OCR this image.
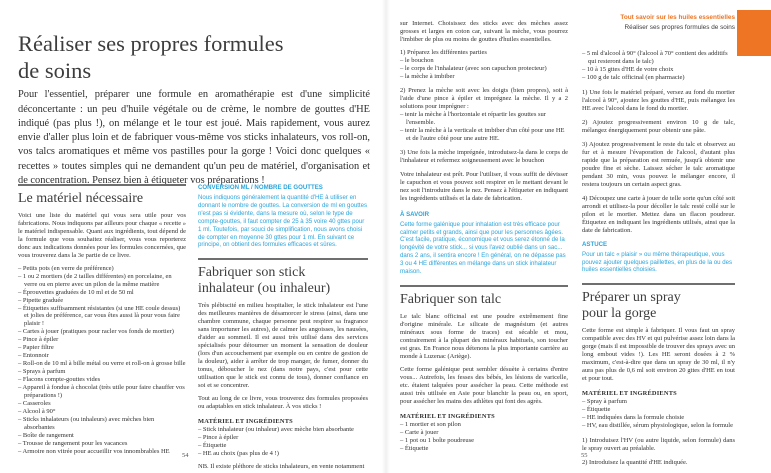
Réaliser ses propres formules
de soins

Pour l'essentiel, préparer une formule en aromathérapie est d'une simplicité déconcertante : un peu d'huile végétale ou de crème, le nombre de gouttes d'HE indiqué (pas plus !), on mélange et le tour est joué. Mais rapidement, vous aurez envie d'aller plus loin et de fabriquer vous-même vos sticks inhalateurs, vos roll-on, vos talcs aromatiques et même vos pastilles pour la gorge ! Voici donc quelques « recettes » toutes simples qui ne demandent qu'un peu de matériel, d'organisation et de concentration. Pensez bien à étiqueter vos préparations !

Le matériel nécessaire

Voici une liste du matériel qui vous sera utile pour vos fabrications. Nous indiquons par ailleurs pour chaque « recette » le matériel indispensable. Quant aux ingrédients, tout dépend de la formule que vous souhaitez réaliser, vous vous reporterez donc aux indications données pour les formules concernées, que vous trouverez dans la 3e partie de ce livre.

– Petits pots (en verre de préférence)
– 1 ou 2 mortiers (de 2 tailles différentes) en porcelaine, en verre ou en pierre avec un pilon de la même matière
– Éprouvettes graduées de 10 ml et de 50 ml
– Pipette graduée
– Étiquettes suffisamment résistantes (si une HE coule dessus) et jolies de préférence, car vous êtes aussi là pour vous faire plaisir !
– Cartes à jouer (pratiques pour racler vos fonds de mortier)
– Pince à épiler
– Papier filtre
– Entonnoir
– Roll-on de 10 ml à bille métal ou verre et roll-on à grosse bille
– Sprays à parfum
– Flacons compte-gouttes vides
– Appareil à fondue à chocolat (très utile pour faire chauffer vos préparations !)
– Casseroles
– Alcool à 90°
– Sticks inhalateurs (ou inhaleurs) avec mèches bien absorbantes
– Boîte de rangement
– Trousse de rangement pour les vacances
– Armoire non vitrée pour accueillir vos innombrables HE
CONVERSION ML / NOMBRE DE GOUTTES
Nous indiquons généralement la quantité d'HE à utiliser en donnant le nombre de gouttes. La conversion de ml en gouttes n'est pas si évidente, dans la mesure où, selon le type de compte-gouttes, il faut compter de 25 à 35 voire 40 gttes pour 1 ml. Toutefois, par souci de simplification, nous avons choisi de compter en moyenne 30 gttes pour 1 ml. En suivant ce principe, on obtient des formules efficaces et sûres.
Fabriquer son stick
inhalateur (ou inhaleur)
Très plébiscité en milieu hospitalier, le stick inhalateur est l'une des meilleures manières de désamorcer le stress (ainsi, dans une chambre commune, chaque personne peut respirer sa fragrance sans importuner les autres), de calmer les angoisses, les nausées, d'aider au sommeil. Il est aussi très utilisé dans des services spécialisés pour détourner un moment la sensation de douleur (lors d'un accouchement par exemple ou en centre de gestion de la douleur), aider à arrêter de trop manger, de fumer, donner du tonus, déboucher le nez (dans notre pays, c'est pour cette utilisation que le stick est connu de tous), donner confiance en soi et se concentrer.
Tout au long de ce livre, vous trouverez des formules proposées ou adaptables en stick inhalateur. À vos sticks !
MATÉRIEL ET INGRÉDIENTS
– Stick inhalateur (ou inhaleur) avec mèche bien absorbante
– Pince à épiler
– Étiquette
– HE au choix (pas plus de 4 !)
NB. Il existe pléthore de sticks inhalateurs, en vente notamment
54
Tout savoir sur les huiles essentielles
Réaliser ses propres formules de soins

sur Internet. Choisissez des sticks avec des mèches assez grosses et larges en coton car, suivant la mèche, vous pourrez l'imbiber de plus ou moins de gouttes d'huiles essentielles.

1) Préparez les différentes parties

– le bouchon
– le corps de l'inhalateur (avec son capuchon protecteur)
– la mèche à imbiber

2) Prenez la mèche soit avec les doigts (bien propres), soit à l'aide d'une pince à épiler et imprégnez la mèche. Il y a 2 solutions pour imprégner :

– tenir la mèche à l'horizontale et répartir les gouttes sur l'ensemble.
– tenir la mèche à la verticale et imbiber d'un côté pour une HE et de l'autre côté pour une autre HE.

3) Une fois la mèche imprégnée, introduisez-la dans le corps de l'inhalateur et refermez soigneusement avec le bouchon

Votre inhalateur est prêt. Pour l'utiliser, il vous suffit de dévisser le capuchon et vous pouvez soit respirer en le mettant devant le nez soit l'introduire dans le nez. Pensez à l'étiqueter en indiquant les ingrédients utilisés et la date de fabrication.

À SAVOIR
Cette forme galénique pour inhalation est très efficace pour calmer petits et grands, ainsi que pour les personnes âgées. C'est facile, pratique, économique et vous serez étonné de la longévité de votre stick... si vous l'avez oublié dans un sac... dans 2 ans, il sentira encore ! En général, on ne dépasse pas 3 ou 4 HE différentes en mélange dans un stick inhalateur maison.
Fabriquer son talc
Le talc blanc officinal est une poudre extrêmement fine d'origine minérale. Le silicate de magnésium (et autres minéraux sous forme de traces) est sécable et mou, contrairement à la plupart des minéraux habituels, son toucher est gras. En France nous détenons la plus importante carrière au monde à Luzenac (Ariège).
Cette forme galénique peut sembler désuète à certains d'entre vous... Autrefois, les fesses des bébés, les lésions de varicelle, etc. étaient talquées pour assécher la peau. Cette méthode est aussi très utilisée en Asie pour blanchir la peau ou, en sport, pour assécher les mains des athlètes qui font des agrès.
MATÉRIEL ET INGRÉDIENTS
– 1 mortier et son pilon
– Carte à jouer
– 1 pot ou 1 boîte poudreuse
– Étiquette
– 5 ml d'alcool à 90° (l'alcool à 70° contient des additifs qui resteront dans le talc)
– 10 à 15 gttes d'HE de votre choix
– 100 g de talc officinal (en pharmacie)
1) Une fois le matériel préparé, versez au fond du mortier l'alcool à 90°, ajoutez les gouttes d'HE, puis mélangez les HE avec l'alcool dans le fond du mortier.
2) Ajoutez progressivement environ 10 g de talc, mélangez énergiquement pour obtenir une pâte.
3) Ajoutez progressivement le reste du talc et observez au fur et à mesure l'évaporation de l'alcool, d'autant plus rapide que la préparation est remuée, jusqu'à obtenir une poudre fine et sèche. Laissez sécher le talc aromatique pendant 30 min, vous pouvez le mélanger encore, il restera toujours un certain aspect gras.
4) Découpez une carte à jouer de telle sorte qu'un côté soit arrondi et utilisez-la pour décoller le talc resté collé sur le pilon et le mortier. Mettez dans un flacon poudreur. Étiquetez en indiquant les ingrédients utilisés, ainsi que la date de fabrication.
ASTUCE
Pour un talc « plaisir » ou même thérapeutique, vous pouvez ajouter quelques paillettes, en plus de la ou des huiles essentielles choisies.
Préparer un spray
pour la gorge

Cette forme est simple à fabriquer. Il vous faut un spray compatible avec des HV et qui pulvérise assez loin dans la gorge (mais il est impossible de trouver des sprays avec un long embout vides !). Les HE seront dosées à 2 % maximum, c'est-à-dire que dans un spray de 30 ml, il n'y aura pas plus de 0,6 ml soit environ 20 gttes d'HE en tout et pour tout.

MATÉRIEL ET INGRÉDIENTS
– Spray à parfum
– Étiquette
– HE indiquées dans la formule choisie
– HV, eau distillée, sérum physiologique, selon la formule
1) Introduisez l'HV (ou autre liquide, selon formule) dans le spray ouvert au préalable.
2) Introduisez la quantité d'HE indiquée.
55
